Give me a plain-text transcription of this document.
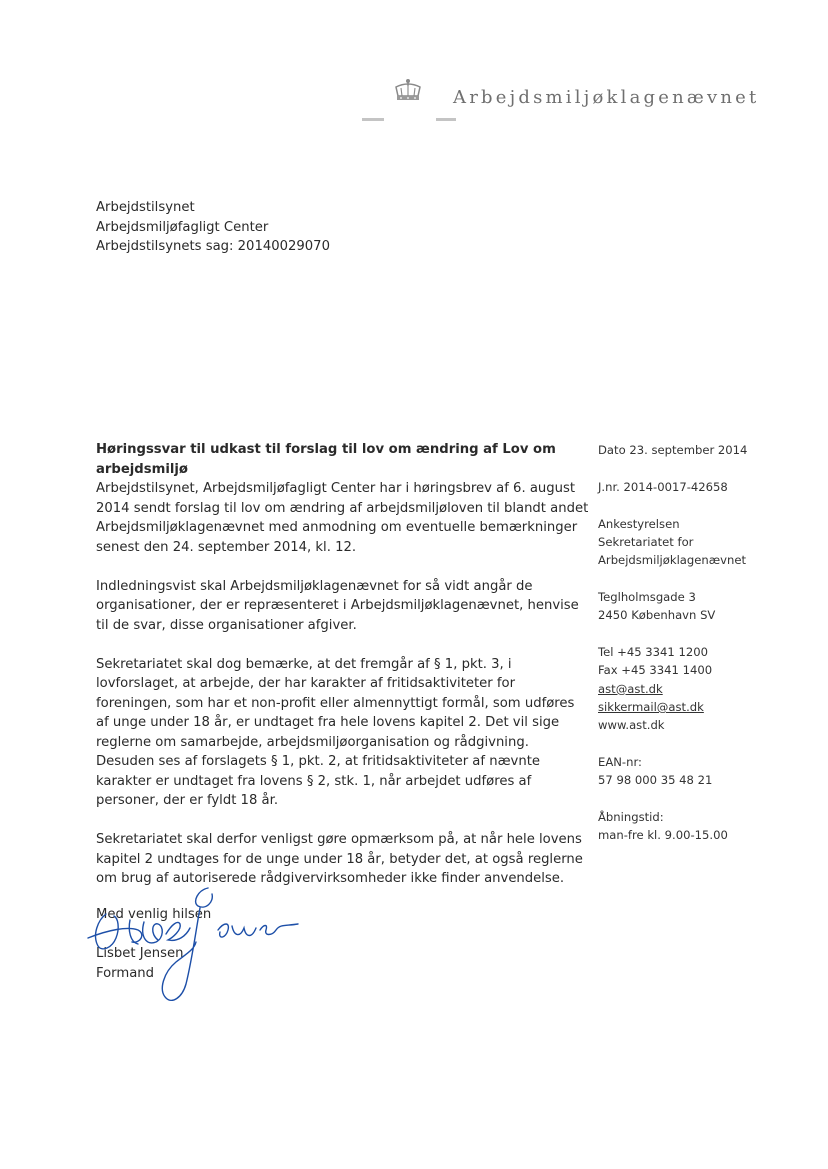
Arbejdsmiljøklagenævnet
Arbejdstilsynet
Arbejdsmiljøfagligt Center
Arbejdstilsynets sag: 20140029070

Høringssvar til udkast til forslag til lov om ændring af Lov om arbejdsmiljø

Arbejdstilsynet, Arbejdsmiljøfagligt Center har i høringsbrev af 6. august 2014 sendt forslag til lov om ændring af arbejdsmiljøloven til blandt andet Arbejdsmiljøklagenævnet med anmodning om eventuelle bemærkninger senest den 24. september 2014, kl. 12.

Indledningsvist skal Arbejdsmiljøklagenævnet for så vidt angår de organisationer, der er repræsenteret i Arbejdsmiljøklagenævnet, henvise til de svar, disse organisationer afgiver.

Sekretariatet skal dog bemærke, at det fremgår af § 1, pkt. 3, i lovforslaget, at arbejde, der har karakter af fritidsaktiviteter for foreningen, som har et non-profit eller almennyttigt formål, som udføres af unge under 18 år, er undtaget fra hele lovens kapitel 2. Det vil sige reglerne om samarbejde, arbejdsmiljøorganisation og rådgivning. Desuden ses af forslagets § 1, pkt. 2, at fritidsaktiviteter af nævnte karakter er undtaget fra lovens § 2, stk. 1, når arbejdet udføres af personer, der er fyldt 18 år.

Sekretariatet skal derfor venligst gøre opmærksom på, at når hele lovens kapitel 2 undtages for de unge under 18 år, betyder det, at også reglerne om brug af autoriserede rådgivervirksomheder ikke finder anvendelse.

Med venlig hilsen
Lisbet Jensen
Formand
Dato 23. september 2014
J.nr. 2014-0017-42658
Ankestyrelsen
Sekretariatet for
Arbejdsmiljøklagenævnet
Teglholmsgade 3
2450 København SV
Tel +45 3341 1200
Fax +45 3341 1400
ast@ast.dk
sikkermail@ast.dk
www.ast.dk
EAN-nr:
57 98 000 35 48 21
Åbningstid:
man-fre kl. 9.00-15.00
